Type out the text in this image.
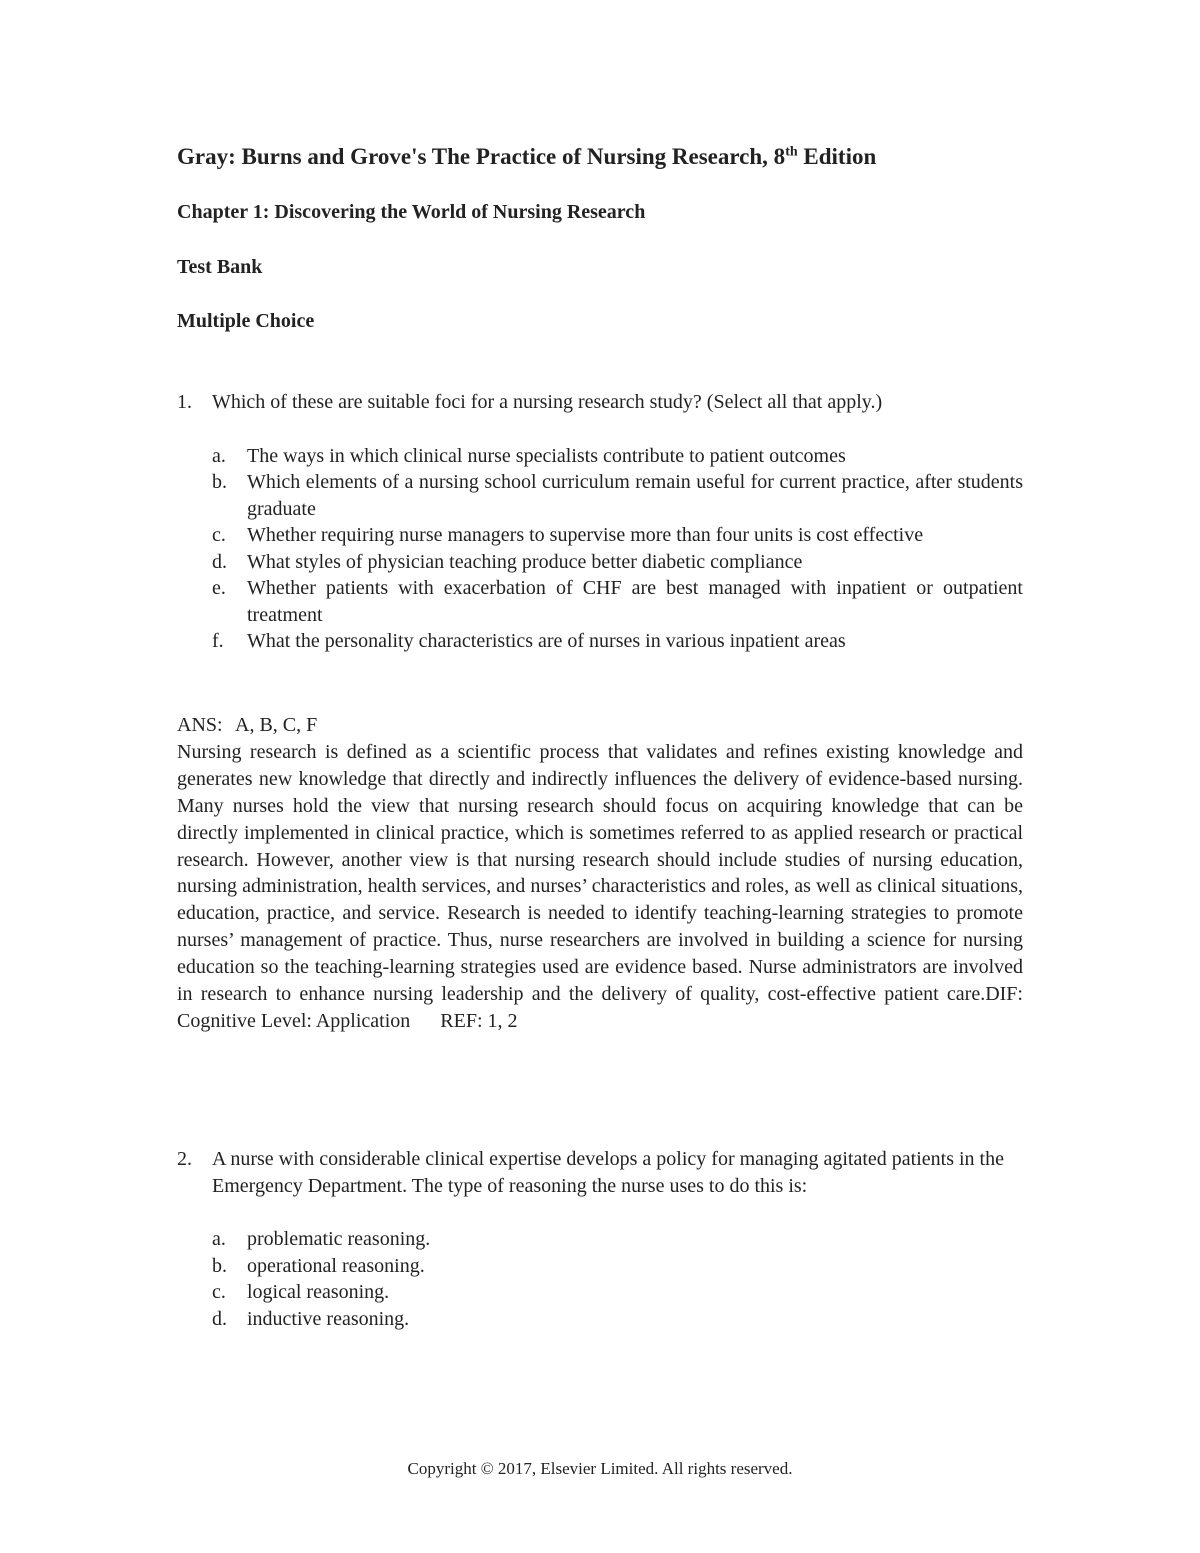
Gray: Burns and Grove's The Practice of Nursing Research, 8th Edition
Chapter 1: Discovering the World of Nursing Research
Test Bank
Multiple Choice
1.	Which of these are suitable foci for a nursing research study? (Select all that apply.)
a.	The ways in which clinical nurse specialists contribute to patient outcomes
b.	Which elements of a nursing school curriculum remain useful for current practice, after students graduate
c.	Whether requiring nurse managers to supervise more than four units is cost effective
d.	What styles of physician teaching produce better diabetic compliance
e.	Whether patients with exacerbation of CHF are best managed with inpatient or outpatient treatment
f.	What the personality characteristics are of nurses in various inpatient areas
ANS: A, B, C, F
Nursing research is defined as a scientific process that validates and refines existing knowledge and generates new knowledge that directly and indirectly influences the delivery of evidence-based nursing. Many nurses hold the view that nursing research should focus on acquiring knowledge that can be directly implemented in clinical practice, which is sometimes referred to as applied research or practical research. However, another view is that nursing research should include studies of nursing education, nursing administration, health services, and nurses’ characteristics and roles, as well as clinical situations, education, practice, and service. Research is needed to identify teaching-learning strategies to promote nurses’ management of practice. Thus, nurse researchers are involved in building a science for nursing education so the teaching-learning strategies used are evidence based. Nurse administrators are involved in research to enhance nursing leadership and the delivery of quality, cost-effective patient care.DIF: Cognitive Level: Application REF: 1, 2
2.	A nurse with considerable clinical expertise develops a policy for managing agitated patients in the Emergency Department. The type of reasoning the nurse uses to do this is:
a.	problematic reasoning.
b.	operational reasoning.
c.	logical reasoning.
d.	inductive reasoning.
Copyright © 2017, Elsevier Limited. All rights reserved.
